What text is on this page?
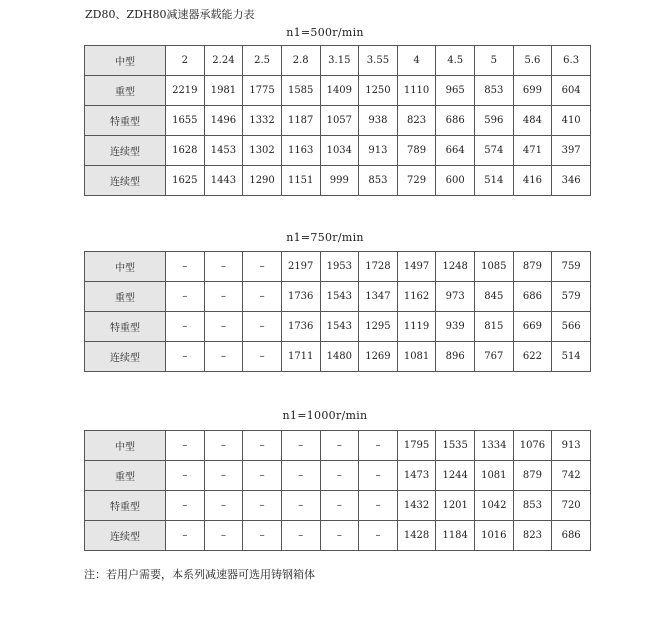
ZD80、ZDH80减速器承载能力表
n1=500r/min
中型	2	2.24	2.5	2.8	3.15	3.55	4	4.5	5	5.6	6.3
重型	2219	1981	1775	1585	1409	1250	1110	965	853	699	604
特重型	1655	1496	1332	1187	1057	938	823	686	596	484	410
连续型	1628	1453	1302	1163	1034	913	789	664	574	471	397
连续型	1625	1443	1290	1151	999	853	729	600	514	416	346
n1=750r/min
中型	–	–	–	2197	1953	1728	1497	1248	1085	879	759
重型	–	–	–	1736	1543	1347	1162	973	845	686	579
特重型	–	–	–	1736	1543	1295	1119	939	815	669	566
连续型	–	–	–	1711	1480	1269	1081	896	767	622	514
n1=1000r/min
中型	–	–	–	–	–	–	1795	1535	1334	1076	913
重型	–	–	–	–	–	–	1473	1244	1081	879	742
特重型	–	–	–	–	–	–	1432	1201	1042	853	720
连续型	–	–	–	–	–	–	1428	1184	1016	823	686
注：若用户需要，本系列减速器可选用铸钢箱体
